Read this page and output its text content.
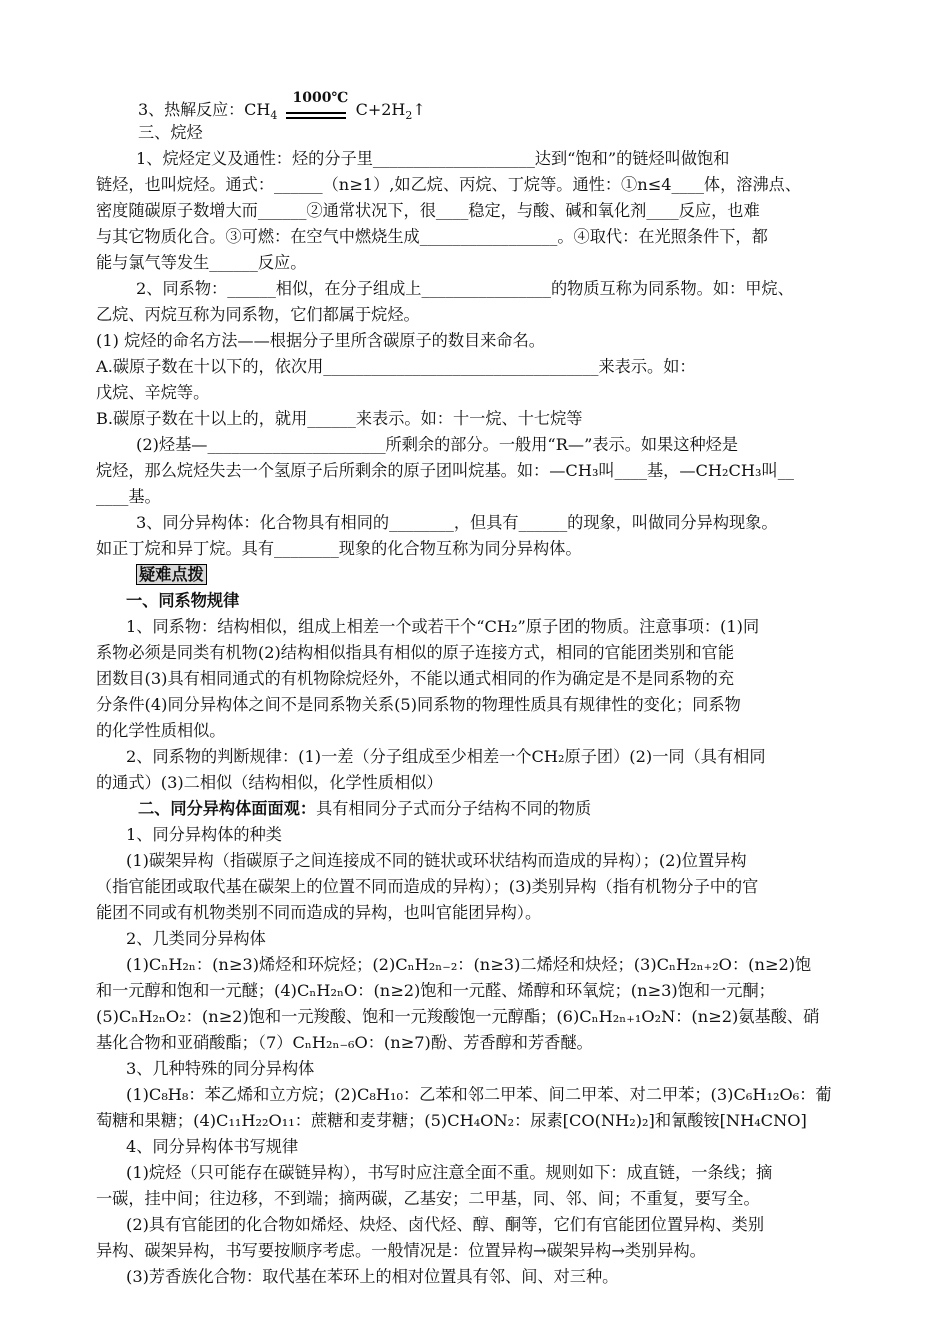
3、热解反应：$CH_4$
1000℃
$C+2H_2↑$
三、烷烃
1、烷烃定义及通性：烃的分子里____________________达到“饱和”的链烃叫做饱和
链烃，也叫烷烃。通式：______（n≥1）,如乙烷、丙烷、丁烷等。通性：①n≤4____体，溶沸点、
密度随碳原子数增大而______②通常状况下，很____稳定，与酸、碱和氧化剂____反应，也难
与其它物质化合。③可燃：在空气中燃烧生成_________________。④取代：在光照条件下，都
能与氯气等发生______反应。
2、同系物：______相似，在分子组成上________________的物质互称为同系物。如：甲烷、
乙烷、丙烷互称为同系物，它们都属于烷烃。
(1) 烷烃的命名方法——根据分子里所含碳原子的数目来命名。
A.碳原子数在十以下的，依次用__________________________________来表示。如：
戊烷、辛烷等。
B.碳原子数在十以上的，就用______来表示。如：十一烷、十七烷等
(2)烃基—______________________所剩余的部分。一般用“R—”表示。如果这种烃是
烷烃，那么烷烃失去一个氢原子后所剩余的原子团叫烷基。如：—CH₃叫____基，—CH₂CH₃叫__
____基。
3、同分异构体：化合物具有相同的________，但具有______的现象，叫做同分异构现象。
如正丁烷和异丁烷。具有________现象的化合物互称为同分异构体。
疑难点拨
一、同系物规律
1、同系物：结构相似，组成上相差一个或若干个“CH₂”原子团的物质。注意事项：(1)同
系物必须是同类有机物(2)结构相似指具有相似的原子连接方式，相同的官能团类别和官能
团数目(3)具有相同通式的有机物除烷烃外，不能以通式相同的作为确定是不是同系物的充
分条件(4)同分异构体之间不是同系物关系(5)同系物的物理性质具有规律性的变化；同系物
的化学性质相似。
2、同系物的判断规律：(1)一差（分子组成至少相差一个CH₂原子团）(2)一同（具有相同
的通式）(3)二相似（结构相似，化学性质相似）
二、同分异构体面面观：具有相同分子式而分子结构不同的物质
1、同分异构体的种类
(1)碳架异构（指碳原子之间连接成不同的链状或环状结构而造成的异构）；(2)位置异构
（指官能团或取代基在碳架上的位置不同而造成的异构）；(3)类别异构（指有机物分子中的官
能团不同或有机物类别不同而造成的异构，也叫官能团异构）。
2、几类同分异构体
(1)CₙH₂ₙ：(n≥3)烯烃和环烷烃；(2)CₙH₂ₙ₋₂：(n≥3)二烯烃和炔烃；(3)CₙH₂ₙ₊₂O：(n≥2)饱
和一元醇和饱和一元醚；(4)CₙH₂ₙO：(n≥2)饱和一元醛、烯醇和环氧烷；(n≥3)饱和一元酮；
(5)CₙH₂ₙO₂：(n≥2)饱和一元羧酸、饱和一元羧酸饱一元醇酯；(6)CₙH₂ₙ₊₁O₂N：(n≥2)氨基酸、硝
基化合物和亚硝酸酯；（7）CₙH₂ₙ₋₆O：(n≥7)酚、芳香醇和芳香醚。
3、几种特殊的同分异构体
(1)C₈H₈：苯乙烯和立方烷；(2)C₈H₁₀：乙苯和邻二甲苯、间二甲苯、对二甲苯；(3)C₆H₁₂O₆：葡
萄糖和果糖；(4)C₁₁H₂₂O₁₁：蔗糖和麦芽糖；(5)CH₄ON₂：尿素[CO(NH₂)₂]和氰酸铵[NH₄CNO]
4、同分异构体书写规律
(1)烷烃（只可能存在碳链异构），书写时应注意全面不重。规则如下：成直链，一条线；摘
一碳，挂中间；往边移，不到端；摘两碳，乙基安；二甲基，同、邻、间；不重复，要写全。
(2)具有官能团的化合物如烯烃、炔烃、卤代烃、醇、酮等，它们有官能团位置异构、类别
异构、碳架异构，书写要按顺序考虑。一般情况是：位置异构→碳架异构→类别异构。
(3)芳香族化合物：取代基在苯环上的相对位置具有邻、间、对三种。
